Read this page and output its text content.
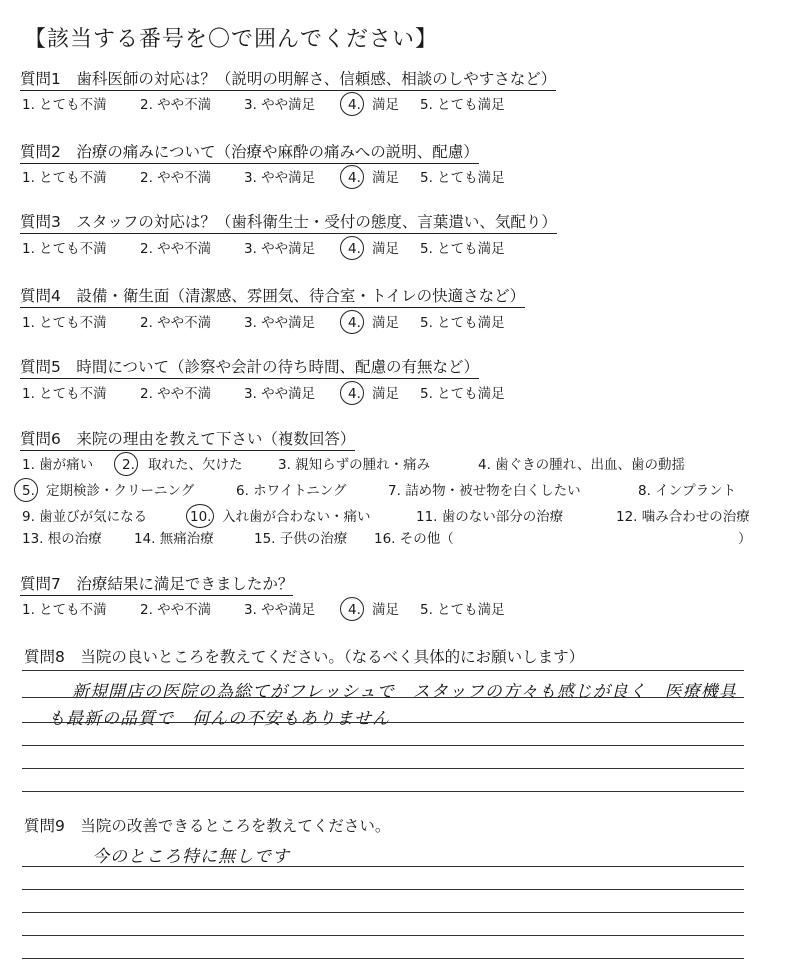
【該当する番号を〇で囲んでください】
質問1　歯科医師の対応は？（説明の明解さ、信頼感、相談のしやすさなど）
1. とても不満 2. やや不満 3. やや満足 4. 満足 5. とても満足
質問2　治療の痛みについて（治療や麻酔の痛みへの説明、配慮）
1. とても不満 2. やや不満 3. やや満足 4. 満足 5. とても満足
質問3　スタッフの対応は？（歯科衛生士・受付の態度、言葉遣い、気配り）
1. とても不満 2. やや不満 3. やや満足 4. 満足 5. とても満足
質問4　設備・衛生面（清潔感、雰囲気、待合室・トイレの快適さなど）
1. とても不満 2. やや不満 3. やや満足 4. 満足 5. とても満足
質問5　時間について（診察や会計の待ち時間、配慮の有無など）
1. とても不満 2. やや不満 3. やや満足 4. 満足 5. とても満足
質問6　来院の理由を教えて下さい（複数回答）
1. 歯が痛い 2. 取れた、欠けた	3. 親知らずの腫れ・痛み	4. 歯ぐきの腫れ、出血、歯の動揺
5. 定期検診・クリーニング	6. ホワイトニング	7. 詰め物・被せ物を白くしたい	8. インプラント
9. 歯並びが気になる	10. 入れ歯が合わない・痛い	11. 歯のない部分の治療	12. 噛み合わせの治療
13. 根の治療 14. 無痛治療	15. 子供の治療 16. その他（	）
質問7　治療結果に満足できましたか？
1. とても不満 2. やや不満 3. やや満足 4. 満足 5. とても満足
質問8　当院の良いところを教えてください。（なるべく具体的にお願いします）
新規開店の医院の為総てがフレッシュで　スタッフの方々も感じが良く　医療機具
も最新の品質で　何んの不安もありません
質問9　当院の改善できるところを教えてください。
今のところ特に無しです
